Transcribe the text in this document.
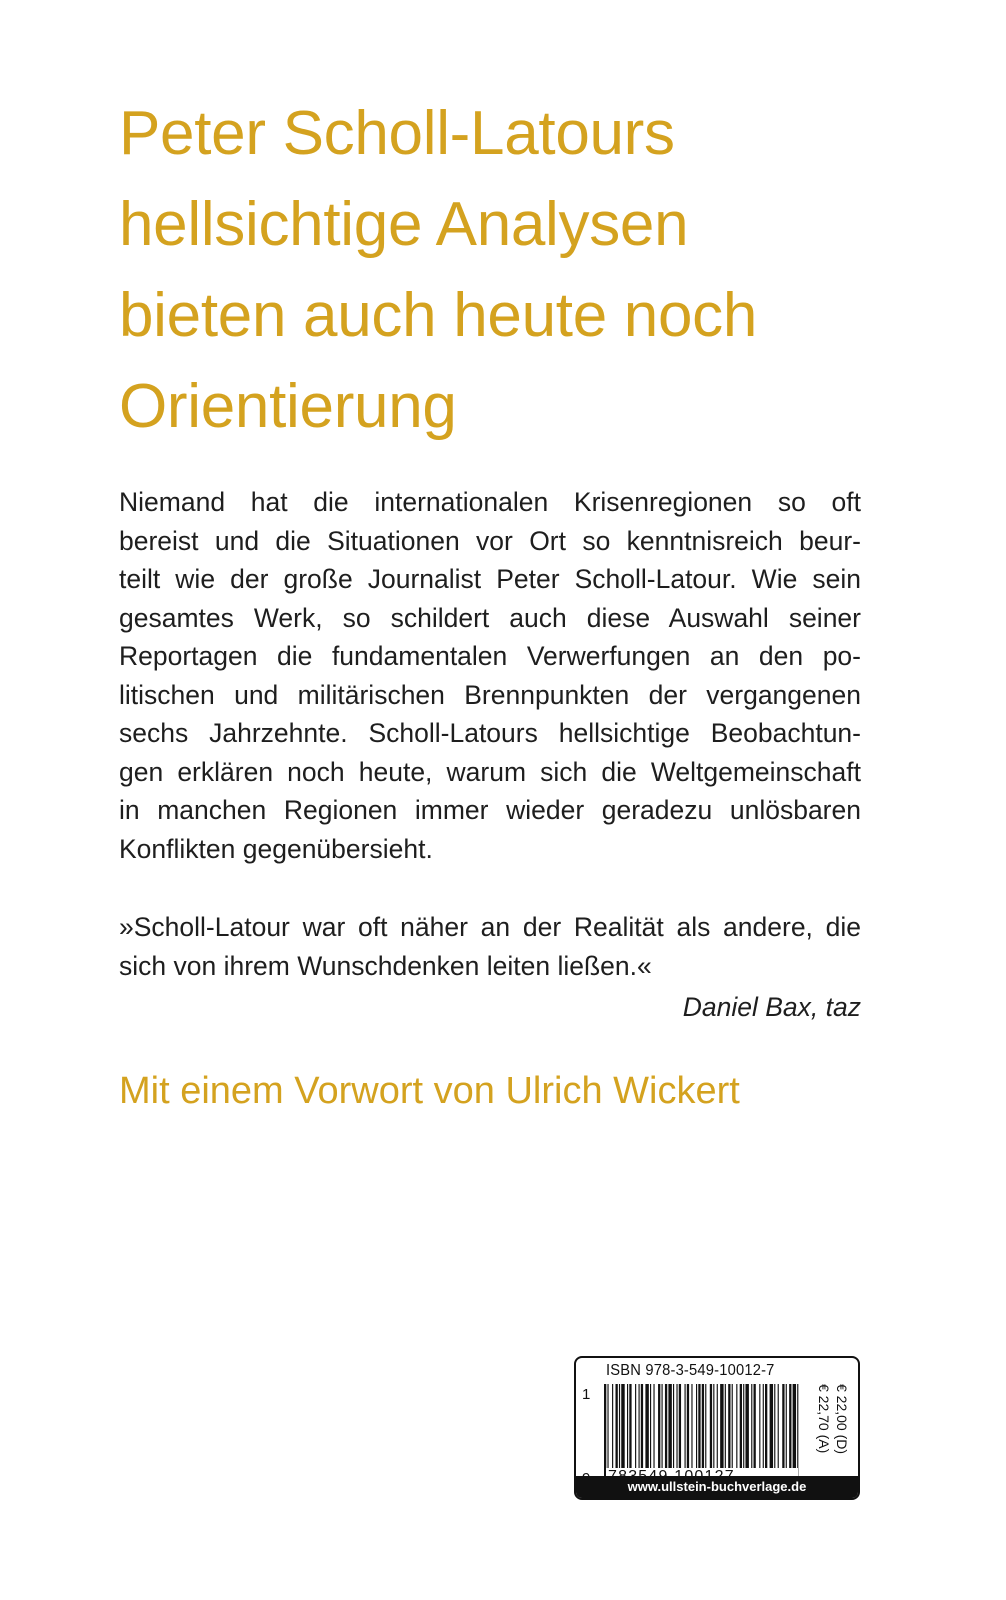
Peter Scholl-Latours
hellsichtige Analysen
bieten auch heute noch
Orientierung
Niemand hat die internationalen Krisenregionen so oft
bereist und die Situationen vor Ort so kenntnisreich beur-
teilt wie der große Journalist Peter Scholl-Latour. Wie sein
gesamtes Werk, so schildert auch diese Auswahl seiner
Reportagen die fundamentalen Verwerfungen an den po-
litischen und militärischen Brennpunkten der vergangenen
sechs Jahrzehnte. Scholl-Latours hellsichtige Beobachtun-
gen erklären noch heute, warum sich die Weltgemeinschaft
in manchen Regionen immer wieder geradezu unlösbaren
Konflikten gegenübersieht.
»Scholl-Latour war oft näher an der Realität als andere, die
sich von ihrem Wunschdenken leiten ließen.«
Daniel Bax, taz
Mit einem Vorwort von Ulrich Wickert
ISBN 978-3-549-10012-7
1	€ 22,00 (D)
€ 22,70 (A)
www.ullstein-buchverlage.de
